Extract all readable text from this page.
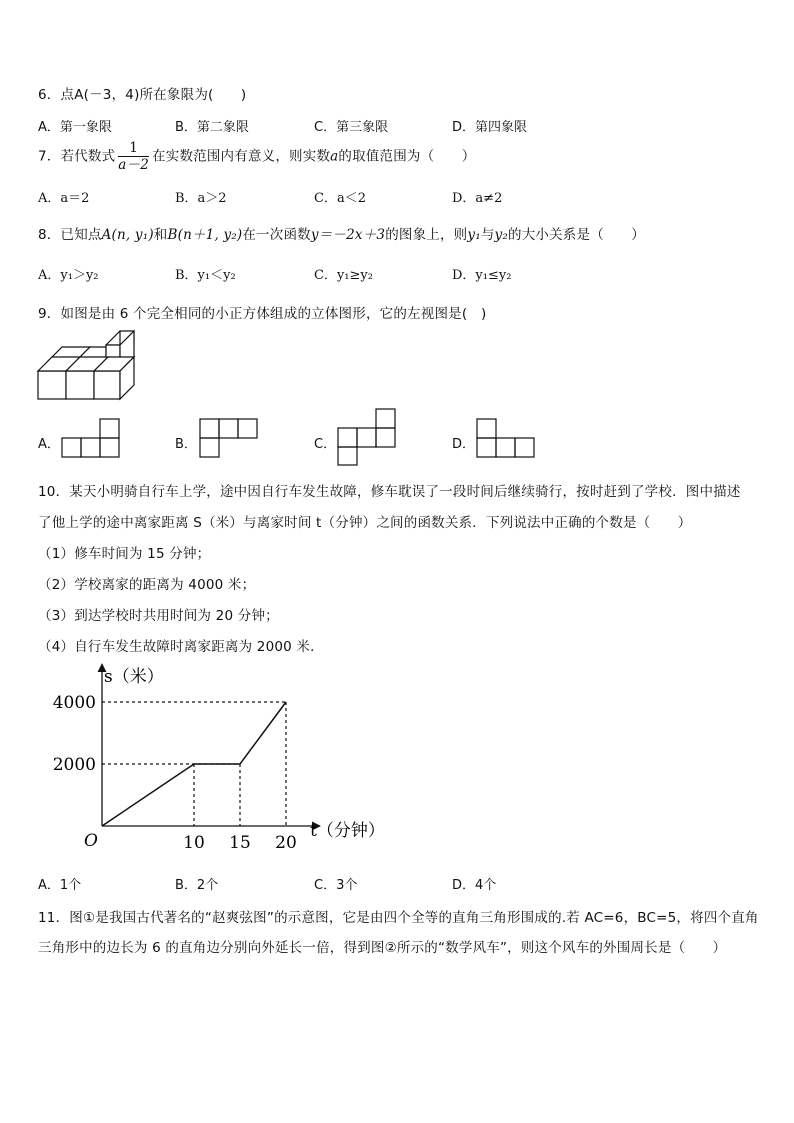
6．点A(－3，4)所在象限为(　　)
A．第一象限	B．第二象限	C．第三象限	D．第四象限
7．若代数式 $\frac{1}{a-2}$ 在实数范围内有意义，则实数a的取值范围为（　　）
A．a＝2	B．a＞2	C．a＜2	D．a≠2
8．已知点A(n, y₁)和B(n＋1, y₂)在一次函数y＝－2x＋3的图象上，则y₁与y₂的大小关系是（　　）
A．y₁＞y₂	B．y₁＜y₂	C．y₁≥y₂	D．y₁≤y₂
9．如图是由 6 个完全相同的小正方体组成的立体图形，它的左视图是(　)
A．	B．	C．	D．
10．某天小明骑自行车上学，途中因自行车发生故障，修车耽误了一段时间后继续骑行，按时赶到了学校．图中描述
了他上学的途中离家距离 S（米）与离家时间 t（分钟）之间的函数关系．下列说法中正确的个数是（　　）
（1）修车时间为 15 分钟；
（2）学校离家的距离为 4000 米；
（3）到达学校时共用时间为 20 分钟；
（4）自行车发生故障时离家距离为 2000 米．
s（米）
t（分钟）
O	10 15 20
2000
4000
A．1个	B．2个	C．3个	D．4个
11．图①是我国古代著名的“赵爽弦图”的示意图，它是由四个全等的直角三角形围成的.若 AC=6，BC=5，将四个直角
三角形中的边长为 6 的直角边分别向外延长一倍，得到图②所示的“数学风车”，则这个风车的外围周长是（　　）
